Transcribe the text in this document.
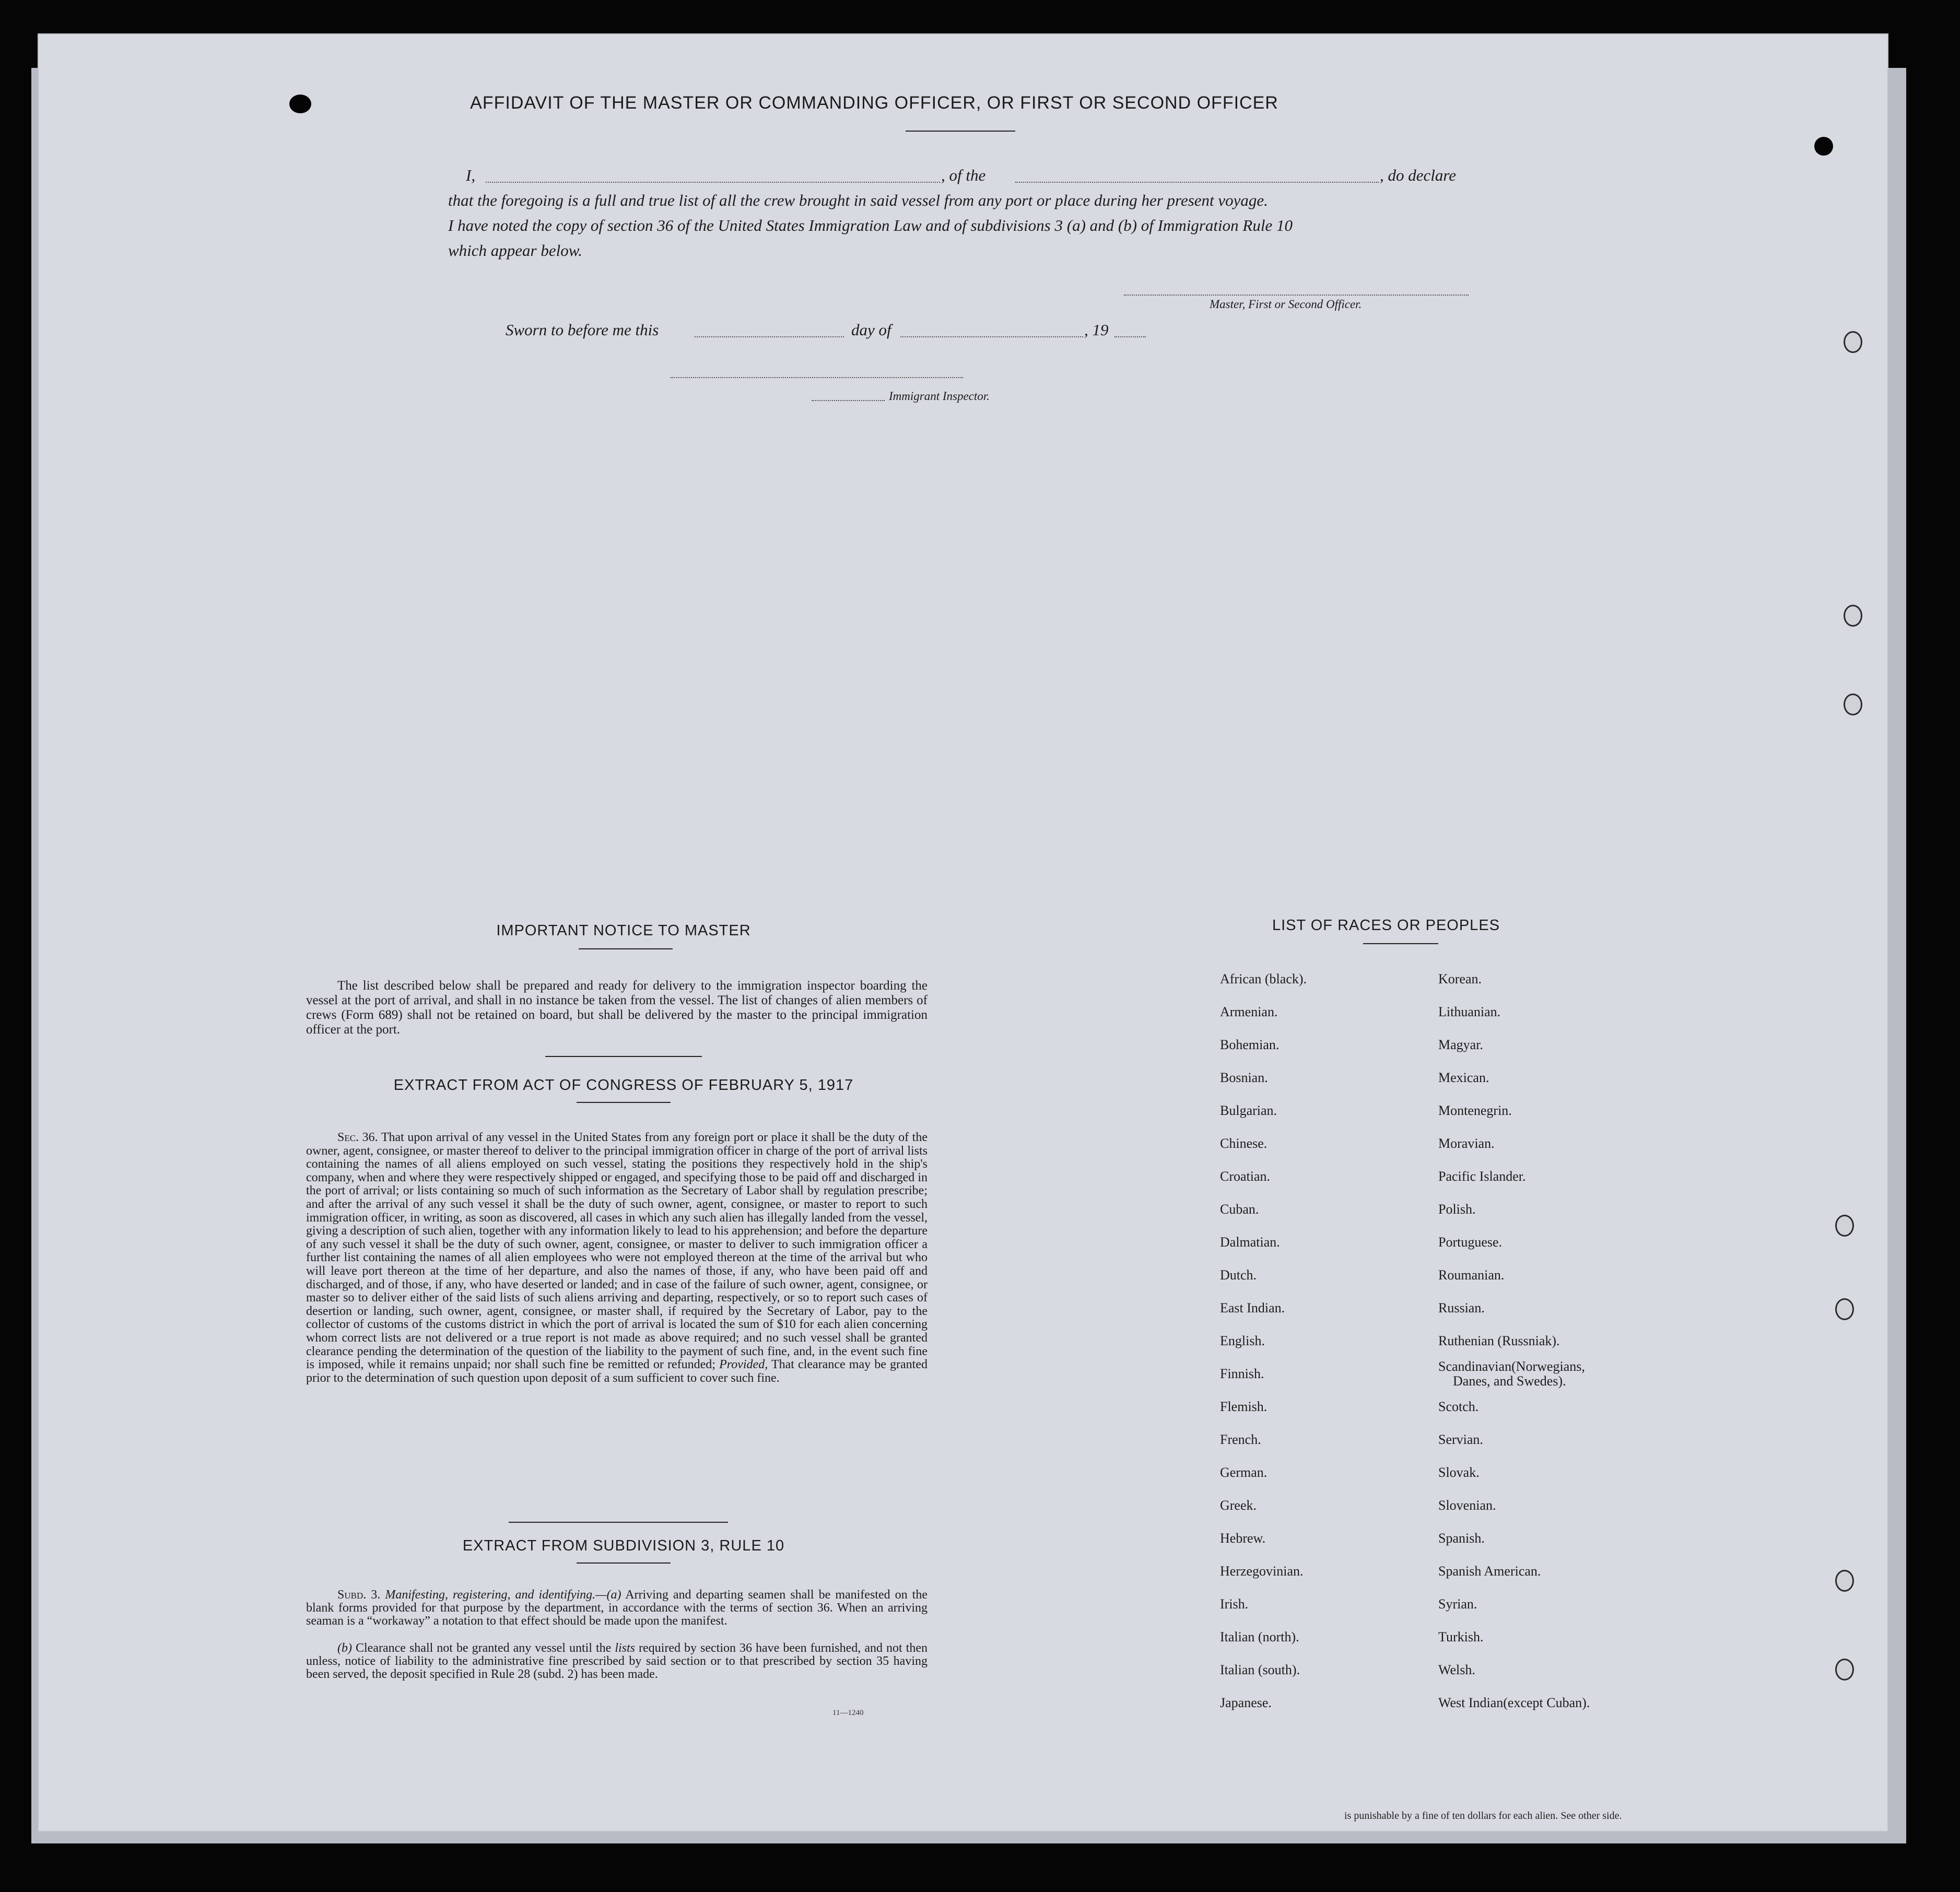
AFFIDAVIT OF THE MASTER OR COMMANDING OFFICER, OR FIRST OR SECOND OFFICER
I,	, of the	, do declare
that the foregoing is a full and true list of all the crew brought in said vessel from any port or place during her present voyage.
I have noted the copy of section 36 of the United States Immigration Law and of subdivisions 3 (a) and (b) of Immigration Rule 10
which appear below.
Master, First or Second Officer.
Sworn to before me this	day of	, 19
Immigrant Inspector.
IMPORTANT NOTICE TO MASTER
The list described below shall be prepared and ready for delivery to the immigration inspector boarding the vessel at the port of arrival, and shall in no instance be taken from the vessel. The list of changes of alien members of crews (Form 689) shall not be retained on board, but shall be delivered by the master to the principal immigration officer at the port.
EXTRACT FROM ACT OF CONGRESS OF FEBRUARY 5, 1917
Sec. 36. That upon arrival of any vessel in the United States from any foreign port or place it shall be the duty of the owner, agent, consignee, or master thereof to deliver to the principal immigration officer in charge of the port of arrival lists containing the names of all aliens employed on such vessel, stating the positions they respectively hold in the ship's company, when and where they were respectively shipped or engaged, and specifying those to be paid off and discharged in the port of arrival; or lists containing so much of such information as the Secretary of Labor shall by regulation prescribe; and after the arrival of any such vessel it shall be the duty of such owner, agent, consignee, or master to report to such immigration officer, in writing, as soon as discovered, all cases in which any such alien has illegally landed from the vessel, giving a description of such alien, together with any information likely to lead to his apprehension; and before the departure of any such vessel it shall be the duty of such owner, agent, consignee, or master to deliver to such immigration officer a further list containing the names of all alien employees who were not employed thereon at the time of the arrival but who will leave port thereon at the time of her departure, and also the names of those, if any, who have been paid off and discharged, and of those, if any, who have deserted or landed; and in case of the failure of such owner, agent, consignee, or master so to deliver either of the said lists of such aliens arriving and departing, respectively, or so to report such cases of desertion or landing, such owner, agent, consignee, or master shall, if required by the Secretary of Labor, pay to the collector of customs of the customs district in which the port of arrival is located the sum of $10 for each alien concerning whom correct lists are not delivered or a true report is not made as above required; and no such vessel shall be granted clearance pending the determination of the question of the liability to the payment of such fine, and, in the event such fine is imposed, while it remains unpaid; nor shall such fine be remitted or refunded; Provided, That clearance may be granted prior to the determination of such question upon deposit of a sum sufficient to cover such fine.
EXTRACT FROM SUBDIVISION 3, RULE 10
Subd. 3. Manifesting, registering, and identifying.—(a) Arriving and departing seamen shall be manifested on the blank forms provided for that purpose by the department, in accordance with the terms of section 36. When an arriving seaman is a “workaway” a notation to that effect should be made upon the manifest.
(b) Clearance shall not be granted any vessel until the lists required by section 36 have been furnished, and not then unless, notice of liability to the administrative fine prescribed by said section or to that prescribed by section 35 having been served, the deposit specified in Rule 28 (subd. 2) has been made.
11—1240
LIST OF RACES OR PEOPLES
African (black).
Armenian.
Bohemian.
Bosnian.
Bulgarian.
Chinese.
Croatian.
Cuban.
Dalmatian.
Dutch.
East Indian.
English.
Finnish.
Flemish.
French.
German.
Greek.
Hebrew.
Herzegovinian.
Irish.
Italian (north).
Italian (south).
Japanese.
Korean.
Lithuanian.
Magyar.
Mexican.
Montenegrin.
Moravian.
Pacific Islander.
Polish.
Portuguese.
Roumanian.
Russian.
Ruthenian (Russniak).
Scandinavian(Norwegians,
Danes, and Swedes).
Scotch.
Servian.
Slovak.
Slovenian.
Spanish.
Spanish American.
Syrian.
Turkish.
Welsh.
West Indian(except Cuban).
is punishable by a fine of ten dollars for each alien. See other side.
